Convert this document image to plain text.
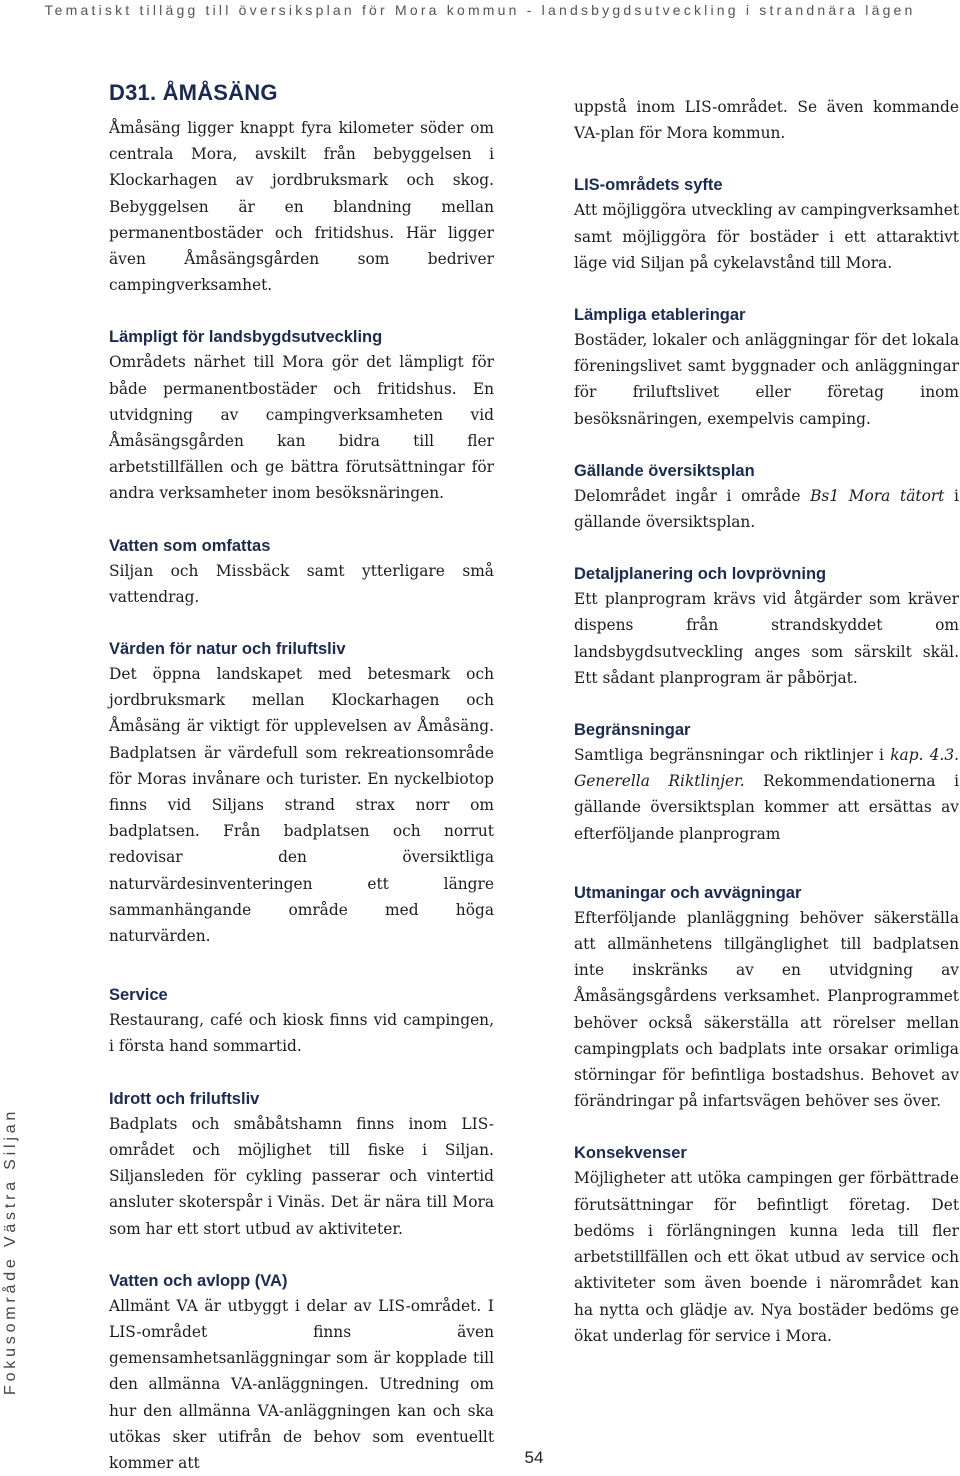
Tematiskt tillägg till översiksplan för Mora kommun - landsbygdsutveckling i strandnära lägen
Fokusområde Västra Siljan
D31. ÅMÅSÄNG

Åmåsäng ligger knappt fyra kilometer söder om centrala Mora, avskilt från bebyggelsen i Klockarhagen av jordbruksmark och skog. Bebyggelsen är en blandning mellan permanentbostäder och fritidshus. Här ligger även Åmåsängsgården som bedriver campingverksamhet.

Lämpligt för landsbygdsutveckling

Områdets närhet till Mora gör det lämpligt för både permanentbostäder och fritidshus. En utvidgning av campingverksamheten vid Åmåsängsgården kan bidra till fler arbetstillfällen och ge bättra förutsättningar för andra verksamheter inom besöksnäringen.

Vatten som omfattas

Siljan och Missbäck samt ytterligare små vattendrag.

Värden för natur och friluftsliv

Det öppna landskapet med betesmark och jordbruksmark mellan Klockarhagen och Åmåsäng är viktigt för upplevelsen av Åmåsäng. Badplatsen är värdefull som rekreationsområde för Moras invånare och turister. En nyckelbiotop finns vid Siljans strand strax norr om badplatsen. Från badplatsen och norrut redovisar den översiktliga naturvärdesinventeringen ett längre sammanhängande område med höga naturvärden.

Service

Restaurang, café och kiosk finns vid campingen, i första hand sommartid.

Idrott och friluftsliv

Badplats och småbåtshamn finns inom LIS-området och möjlighet till fiske i Siljan. Siljansleden för cykling passerar och vintertid ansluter skoterspår i Vinäs. Det är nära till Mora som har ett stort utbud av aktiviteter.

Vatten och avlopp (VA)

Allmänt VA är utbyggt i delar av LIS-området. I LIS-området finns även gemensamhetsanläggningar som är kopplade till den allmänna VA-anläggningen. Utredning om hur den allmänna VA-anläggningen kan och ska utökas sker utifrån de behov som eventuellt kommer att

uppstå inom LIS-området. Se även kommande VA-plan för Mora kommun.

LIS-områdets syfte

Att möjliggöra utveckling av campingverksamhet samt möjliggöra för bostäder i ett attaraktivt läge vid Siljan på cykelavstånd till Mora.

Lämpliga etableringar

Bostäder, lokaler och anläggningar för det lokala föreningslivet samt byggnader och anläggningar för friluftslivet eller företag inom besöksnäringen, exempelvis camping.

Gällande översiktsplan

Delområdet ingår i område Bs1 Mora tätort i gällande översiktsplan.

Detaljplanering och lovprövning

Ett planprogram krävs vid åtgärder som kräver dispens från strandskyddet om landsbygdsutveckling anges som särskilt skäl. Ett sådant planprogram är påbörjat.

Begränsningar

Samtliga begränsningar och riktlinjer i kap. 4.3. Generella Riktlinjer. Rekommendationerna i gällande översiktsplan kommer att ersättas av efterföljande planprogram

Utmaningar och avvägningar

Efterföljande planläggning behöver säkerställa att allmänhetens tillgänglighet till badplatsen inte inskränks av en utvidgning av Åmåsängsgårdens verksamhet. Planprogrammet behöver också säkerställa att rörelser mellan campingplats och badplats inte orsakar orimliga störningar för befintliga bostadshus. Behovet av förändringar på infartsvägen behöver ses över.

Konsekvenser

Möjligheter att utöka campingen ger förbättrade förutsättningar för befintligt företag. Det bedöms i förlängningen kunna leda till fler arbetstillfällen och ett ökat utbud av service och aktiviteter som även boende i närområdet kan ha nytta och glädje av. Nya bostäder bedöms ge ökat underlag för service i Mora.

54
